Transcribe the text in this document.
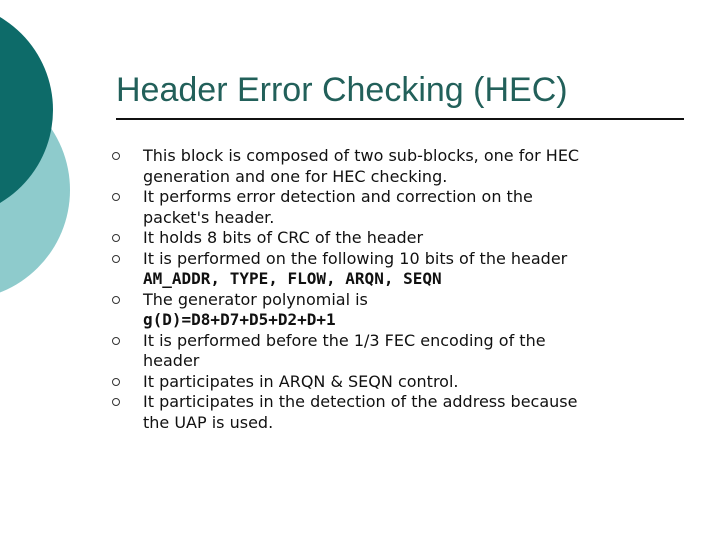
Header Error Checking (HEC)
This block is composed of two sub-blocks, one for HEC
generation and one for HEC checking.
It performs error detection and correction on the
packet's header.
It holds 8 bits of CRC of the header
It is performed on the following 10 bits of the header
AM_ADDR, TYPE, FLOW, ARQN, SEQN
The generator polynomial is
g(D)=D8+D7+D5+D2+D+1
It is performed before the 1/3 FEC encoding of the
header
It participates in ARQN & SEQN control.
It participates in the detection of the address because
the UAP is used.
